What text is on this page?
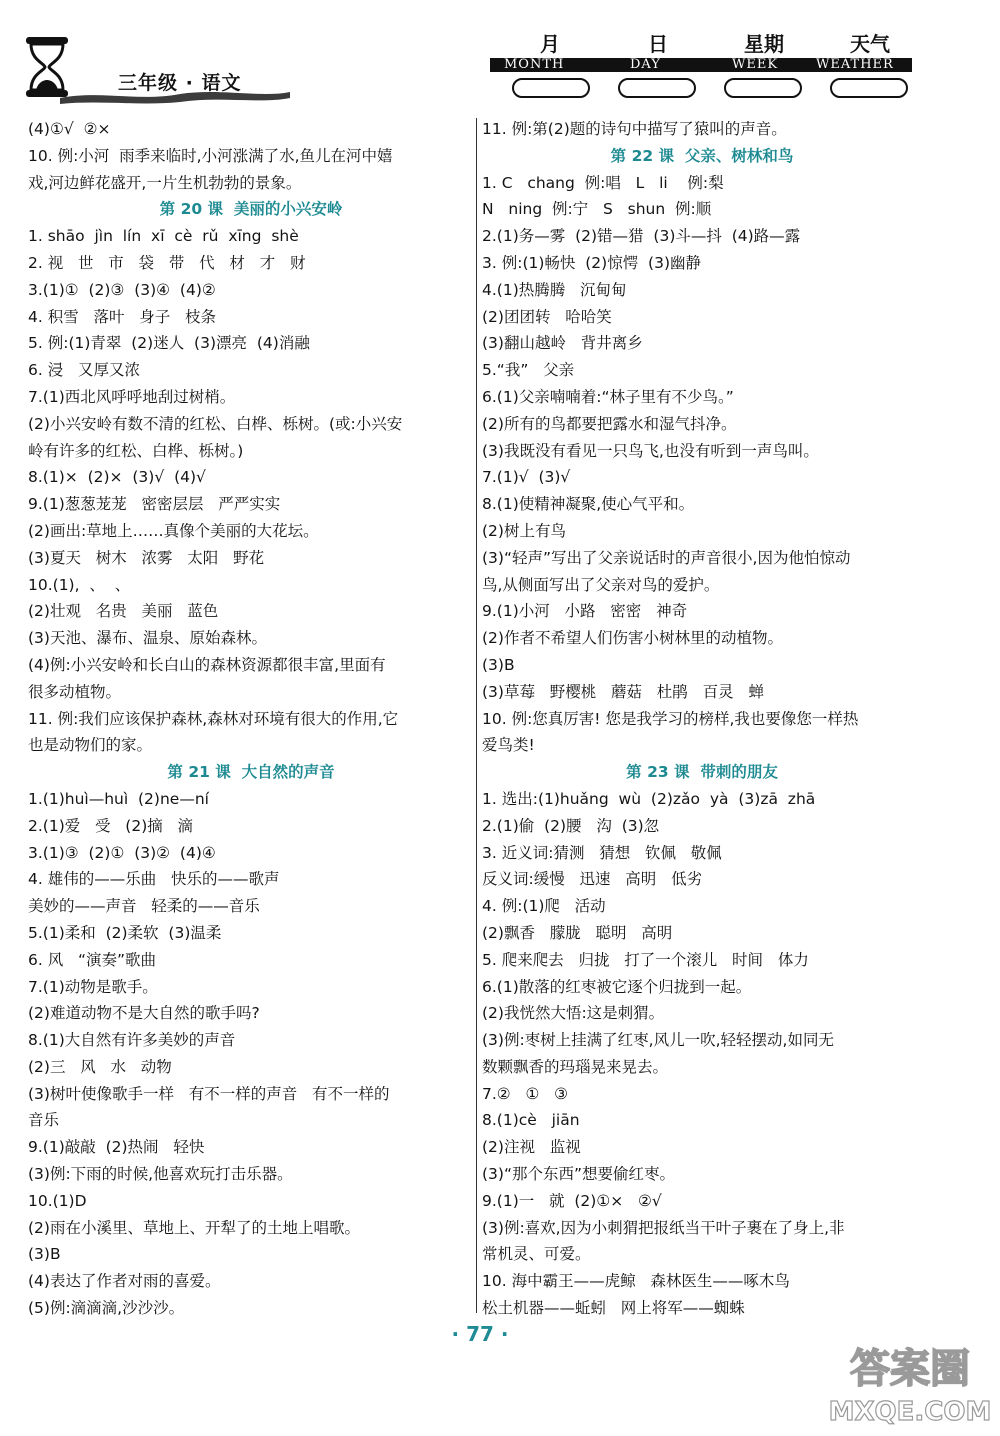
三年级 · 语文
月	日	星期	天气
MONTH	DAY	WEEK	WEATHER
(4)①√  ②×
10. 例:小河  雨季来临时,小河涨满了水,鱼儿在河中嬉
戏,河边鲜花盛开,一片生机勃勃的景象。
第 20 课  美丽的小兴安岭
1. shāo  jìn  lín  xī  cè  rǔ  xīng  shè
2. 视   世   市   袋   带   代   材   才   财
3.(1)①  (2)③  (3)④  (4)②
4. 积雪   落叶   身子   枝条
5. 例:(1)青翠  (2)迷人  (3)漂亮  (4)消融
6. 浸   又厚又浓
7.(1)西北风呼呼地刮过树梢。
(2)小兴安岭有数不清的红松、白桦、栎树。(或:小兴安
岭有许多的红松、白桦、栎树。)
8.(1)×  (2)×  (3)√  (4)√
9.(1)葱葱茏茏   密密层层   严严实实
(2)画出:草地上……真像个美丽的大花坛。
(3)夏天   树木   浓雾   太阳   野花
10.(1),  、  、
(2)壮观   名贵   美丽   蓝色
(3)天池、瀑布、温泉、原始森林。
(4)例:小兴安岭和长白山的森林资源都很丰富,里面有
很多动植物。
11. 例:我们应该保护森林,森林对环境有很大的作用,它
也是动物们的家。
第 21 课  大自然的声音
1.(1)huì—huì  (2)ne—ní
2.(1)爱   受   (2)摘   滴
3.(1)③  (2)①  (3)②  (4)④
4. 雄伟的——乐曲   快乐的——歌声
美妙的——声音   轻柔的——音乐
5.(1)柔和  (2)柔软  (3)温柔
6. 风   “演奏”歌曲
7.(1)动物是歌手。
(2)难道动物不是大自然的歌手吗?
8.(1)大自然有许多美妙的声音
(2)三   风   水   动物
(3)树叶使像歌手一样   有不一样的声音   有不一样的
音乐
9.(1)敲敲  (2)热闹   轻快
(3)例:下雨的时候,他喜欢玩打击乐器。
10.(1)D
(2)雨在小溪里、草地上、开犁了的土地上唱歌。
(3)B
(4)表达了作者对雨的喜爱。
(5)例:滴滴滴,沙沙沙。
11. 例:第(2)题的诗句中描写了猿叫的声音。
第 22 课  父亲、树林和鸟
1. C   chang  例:唱   L   li    例:梨
N   ning  例:宁   S   shun  例:顺
2.(1)务—雾  (2)错—猎  (3)斗—抖  (4)路—露
3. 例:(1)畅快  (2)惊愕  (3)幽静
4.(1)热腾腾   沉甸甸
(2)团团转   哈哈笑
(3)翻山越岭   背井离乡
5.“我”   父亲
6.(1)父亲喃喃着:“林子里有不少鸟。”
(2)所有的鸟都要把露水和湿气抖净。
(3)我既没有看见一只鸟飞,也没有听到一声鸟叫。
7.(1)√  (3)√
8.(1)使精神凝聚,使心气平和。
(2)树上有鸟
(3)“轻声”写出了父亲说话时的声音很小,因为他怕惊动
鸟,从侧面写出了父亲对鸟的爱护。
9.(1)小河   小路   密密   神奇
(2)作者不希望人们伤害小树林里的动植物。
(3)B
(3)草莓   野樱桃   蘑菇   杜鹃   百灵   蝉
10. 例:您真厉害! 您是我学习的榜样,我也要像您一样热
爱鸟类!
第 23 课  带刺的朋友
1. 选出:(1)huǎng  wù  (2)zǎo  yà  (3)zā  zhā
2.(1)偷  (2)腰   沟  (3)忽
3. 近义词:猜测   猜想   钦佩   敬佩
反义词:缓慢   迅速   高明   低劣
4. 例:(1)爬   活动
(2)飘香   朦胧   聪明   高明
5. 爬来爬去   归拢   打了一个滚儿   时间   体力
6.(1)散落的红枣被它逐个归拢到一起。
(2)我恍然大悟:这是刺猬。
(3)例:枣树上挂满了红枣,风儿一吹,轻轻摆动,如同无
数颗飘香的玛瑙晃来晃去。
7.②   ①   ③
8.(1)cè   jiān
(2)注视   监视
(3)“那个东西”想要偷红枣。
9.(1)一   就  (2)①×   ②√
(3)例:喜欢,因为小刺猬把报纸当干叶子裹在了身上,非
常机灵、可爱。
10. 海中霸王——虎鲸   森林医生——啄木鸟
松土机器——蚯蚓   网上将军——蜘蛛
· 77 ·
答案圈
MXQE.COM
